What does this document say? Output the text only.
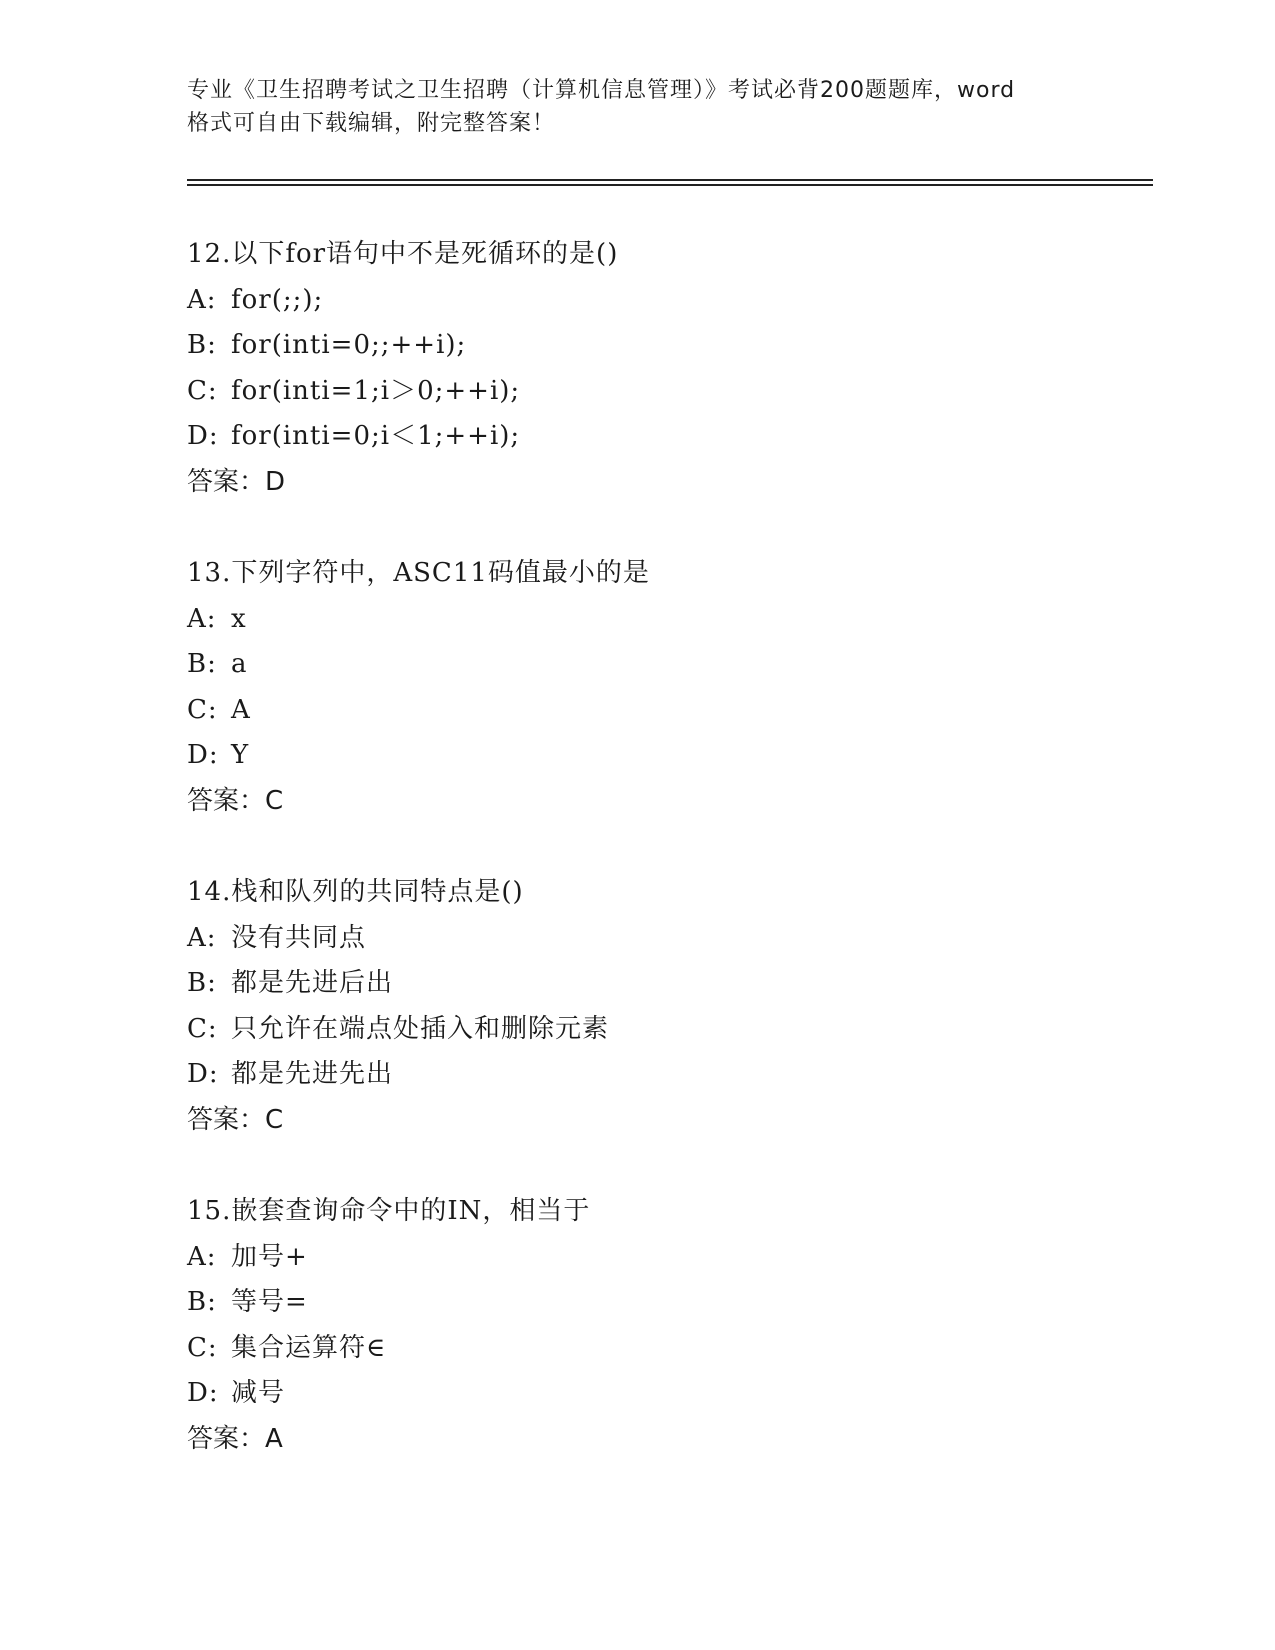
专业《卫生招聘考试之卫生招聘（计算机信息管理）》考试必背200题题库，word
格式可自由下载编辑，附完整答案！
12.以下for语句中不是死循环的是()
A: for(;;);
B: for(inti=0;;++i);
C: for(inti=1;i＞0;++i);
D: for(inti=0;i＜1;++i);
答案：D
13.下列字符中，ASC11码值最小的是
A: x
B: a
C: A
D: Y
答案：C
14.栈和队列的共同特点是()
A: 没有共同点
B: 都是先进后出
C: 只允许在端点处插入和删除元素
D: 都是先进先出
答案：C
15.嵌套查询命令中的IN，相当于
A: 加号+
B: 等号=
C: 集合运算符∈
D: 减号
答案：A
